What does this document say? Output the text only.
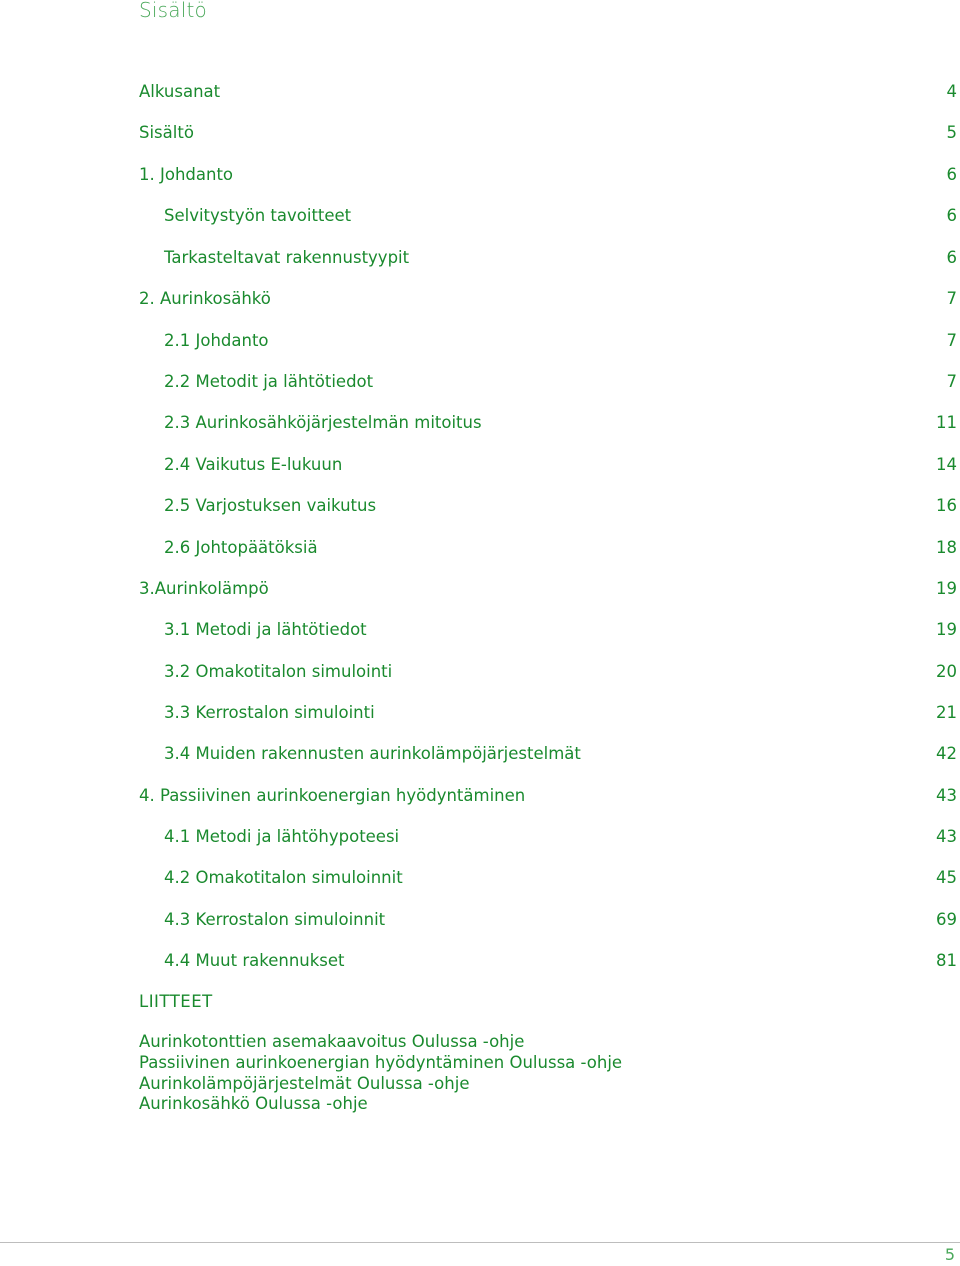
Sisältö
Alkusanat	4
Sisältö	5
1. Johdanto	6
Selvitystyön tavoitteet	6
Tarkasteltavat rakennustyypit	6
2. Aurinkosähkö	7
2.1 Johdanto	7
2.2 Metodit ja lähtötiedot	7
2.3 Aurinkosähköjärjestelmän mitoitus	11
2.4 Vaikutus E-lukuun	14
2.5 Varjostuksen vaikutus	16
2.6 Johtopäätöksiä	18
3.Aurinkolämpö	19
3.1 Metodi ja lähtötiedot	19
3.2 Omakotitalon simulointi	20
3.3 Kerrostalon simulointi	21
3.4 Muiden rakennusten aurinkolämpöjärjestelmät	42
4. Passiivinen aurinkoenergian hyödyntäminen	43
4.1 Metodi ja lähtöhypoteesi	43
4.2 Omakotitalon simuloinnit	45
4.3 Kerrostalon simuloinnit	69
4.4 Muut rakennukset	81
LIITTEET
Aurinkotonttien asemakaavoitus Oulussa -ohje
Passiivinen aurinkoenergian hyödyntäminen Oulussa -ohje
Aurinkolämpöjärjestelmät Oulussa -ohje
Aurinkosähkö Oulussa -ohje
5
